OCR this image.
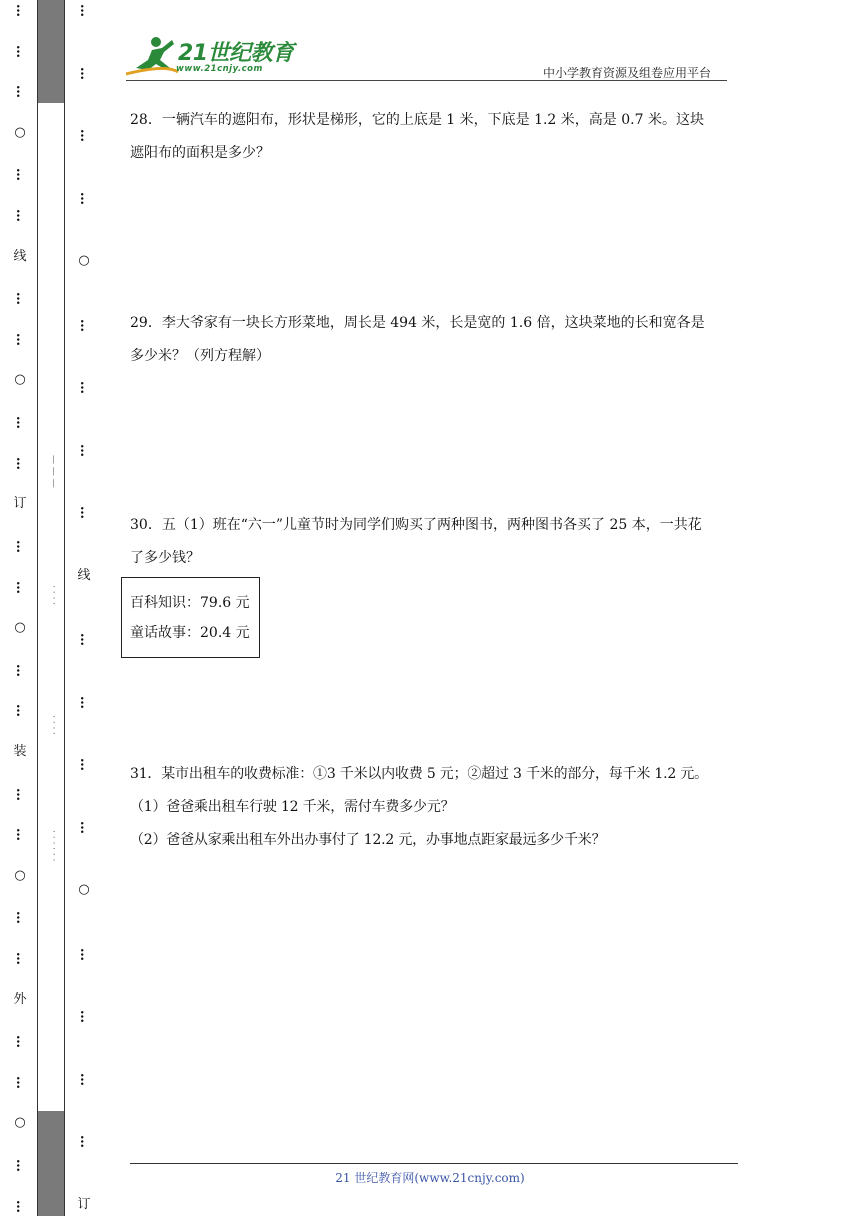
…
…
…
○
…
…
线
…
…
○
…
…
订
…
…
○
…
…
装
…
…
○
…
…
外
…
…
○
…
…
— — —
· · · ·
· · · ·
· · · · · ·
…
…
…
…
○
…
…
…
…
线
…
…
…
…
○
…
…
…
…
订
21世纪教育
www.21cnjy.com	中小学教育资源及组卷应用平台

28．一辆汽车的遮阳布，形状是梯形，它的上底是 1 米，下底是 1.2 米，高是 0.7 米。这块

遮阳布的面积是多少？

29．李大爷家有一块长方形菜地，周长是 494 米，长是宽的 1.6 倍，这块菜地的长和宽各是

多少米？（列方程解）

30．五（1）班在“六一”儿童节时为同学们购买了两种图书，两种图书各买了 25 本，一共花

了多少钱？

百科知识：79.6 元

童话故事：20.4 元

31．某市出租车的收费标准：①3 千米以内收费 5 元；②超过 3 千米的部分，每千米 1.2 元。

（1）爸爸乘出租车行驶 12 千米，需付车费多少元？

（2）爸爸从家乘出租车外出办事付了 12.2 元，办事地点距家最远多少千米？

21 世纪教育网(www.21cnjy.com)
